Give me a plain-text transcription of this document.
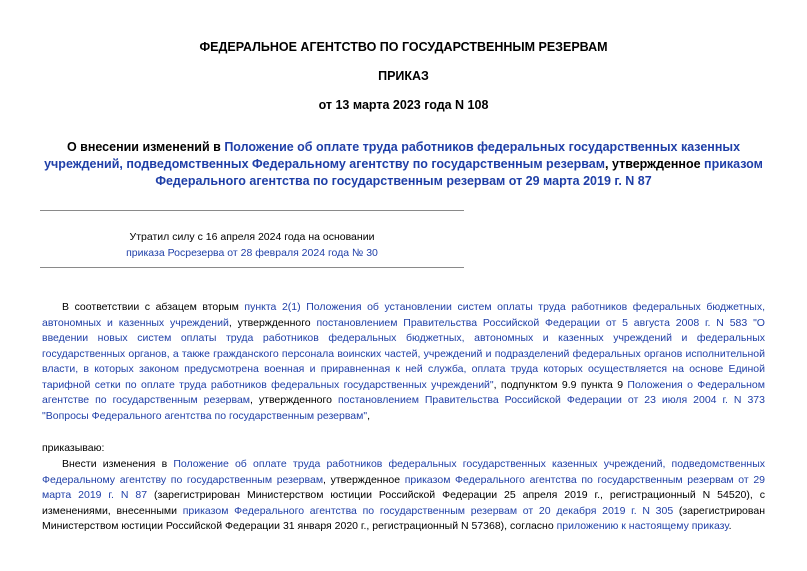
ФЕДЕРАЛЬНОЕ АГЕНТСТВО ПО ГОСУДАРСТВЕННЫМ РЕЗЕРВАМ
ПРИКАЗ
от 13 марта 2023 года N 108
О внесении изменений в Положение об оплате труда работников федеральных государственных казенных учреждений, подведомственных Федеральному агентству по государственным резервам, утвержденное приказом Федерального агентства по государственным резервам от 29 марта 2019 г. N 87
Утратил силу с 16 апреля 2024 года на основании
приказа Росрезерва от 28 февраля 2024 года № 30
В соответствии с абзацем вторым пункта 2(1) Положения об установлении систем оплаты труда работников федеральных бюджетных, автономных и казенных учреждений, утвержденного постановлением Правительства Российской Федерации от 5 августа 2008 г. N 583 "О введении новых систем оплаты труда работников федеральных бюджетных, автономных и казенных учреждений и федеральных государственных органов, а также гражданского персонала воинских частей, учреждений и подразделений федеральных органов исполнительной власти, в которых законом предусмотрена военная и приравненная к ней служба, оплата труда которых осуществляется на основе Единой тарифной сетки по оплате труда работников федеральных государственных учреждений", подпунктом 9.9 пункта 9 Положения о Федеральном агентстве по государственным резервам, утвержденного постановлением Правительства Российской Федерации от 23 июля 2004 г. N 373 "Вопросы Федерального агентства по государственным резервам",
приказываю:
Внести изменения в Положение об оплате труда работников федеральных государственных казенных учреждений, подведомственных Федеральному агентству по государственным резервам, утвержденное приказом Федерального агентства по государственным резервам от 29 марта 2019 г. N 87 (зарегистрирован Министерством юстиции Российской Федерации 25 апреля 2019 г., регистрационный N 54520), с изменениями, внесенными приказом Федерального агентства по государственным резервам от 20 декабря 2019 г. N 305 (зарегистрирован Министерством юстиции Российской Федерации 31 января 2020 г., регистрационный N 57368), согласно приложению к настоящему приказу.
